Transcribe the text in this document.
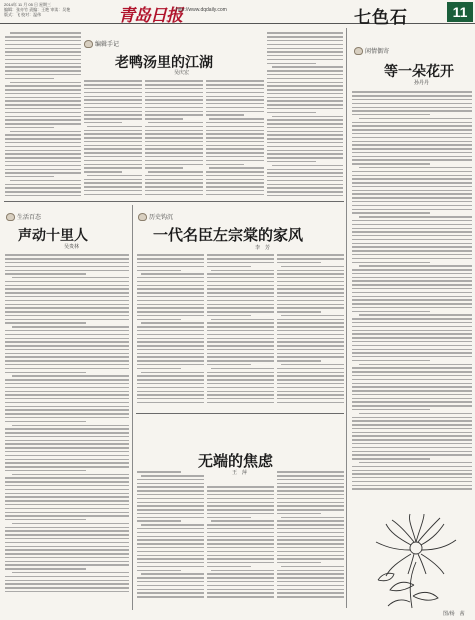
2014年 11 月 05 日 星期三
编辑：张亦竹 责编：王艳 审读：吴艳
版式：飞 校对：温伟	青岛日报
http://www.dqdaily.com	七色石	11
编辑手记
老鸭汤里的江湖
吴庆宏
闲情偶寄
等一朵花开
孙丹丹
生活百态
声动十里人
吴贵林
历史钩沉
一代名臣左宗棠的家风
李　芳
无端的焦虑
王　萍
图/杨　茜
